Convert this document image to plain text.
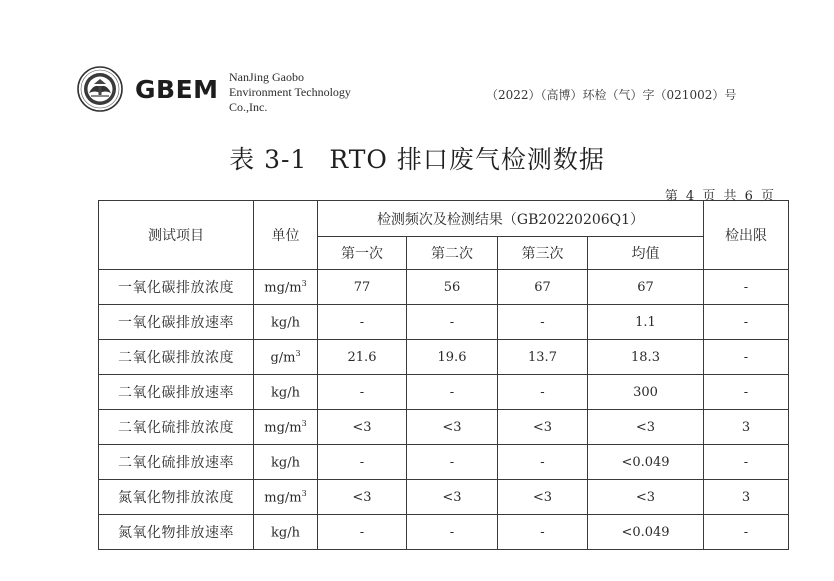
GBEM NanJing Gaobo
Environment Technology
Co.,Inc.
（2022）（高博）环检（气）字（021002）号
表 3-1 RTO 排口废气检测数据
第 4 页 共 6 页
测试项目	单位	检测频次及检测结果（GB20220206Q1）				检出限
		第一次	第二次	第三次	均值	
一氧化碳排放浓度	$mg/m^3$	77	56	67	67	-
一氧化碳排放速率	kg/h	-	-	-	1.1	-
二氧化碳排放浓度	$g/m^3$	21.6	19.6	13.7	18.3	-
二氧化碳排放速率	kg/h	-	-	-	300	-
二氧化硫排放浓度	$mg/m^3$	<3	<3	<3	<3	3
二氧化硫排放速率	kg/h	-	-	-	<0.049	-
氮氧化物排放浓度	$mg/m^3$	<3	<3	<3	<3	3
氮氧化物排放速率	kg/h	-	-	-	<0.049	-
